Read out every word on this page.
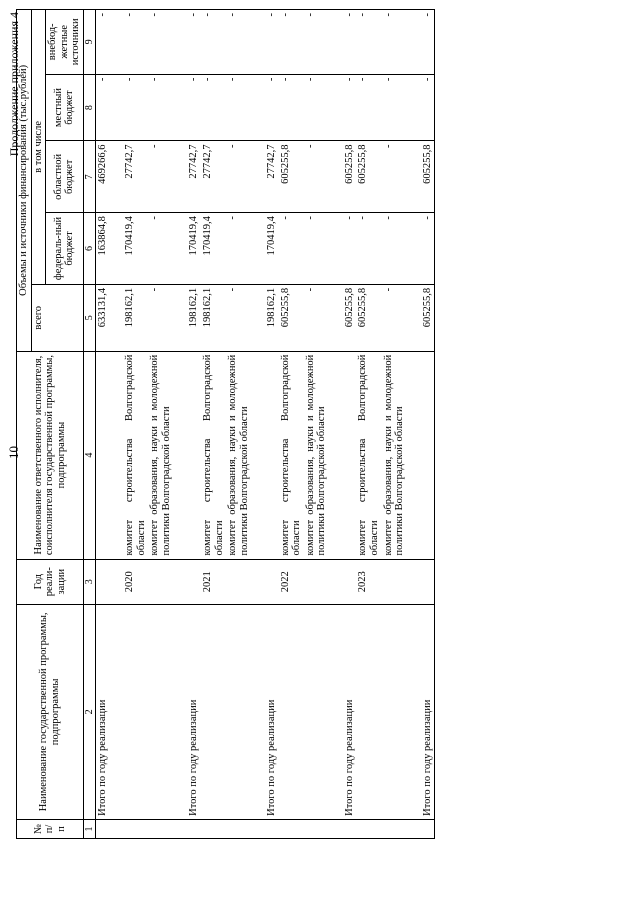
10
Продолжение приложения 4
№ п/п	Наименование государственной программы, подпрограммы	Год реали-зации	Наименование ответственного исполнителя, соисполнителя государственной программы, подпрограммы	Объемы и источники финансирования (тыс.рублей)				
				всего	в том числе			
					федераль-ный бюджет	областной бюджет	местный бюджет	внебюд-жетные источники
1	2	3	4	5	6	7	8	9
	Итого по году реализации			633131,4	163864,8	469266,6	-	-

		2020	комитет строительства Волгоградской области	198162,1	170419,4	27742,7	-	-
			комитет образования, науки и молодежной политики Волгоградской области	-	-	-	-	-

	Итого по году реализации			198162,1	170419,4	27742,7	-	-
		2021	комитет строительства Волгоградской области	198162,1	170419,4	27742,7	-	-
			комитет образования, науки и молодежной политики Волгоградской области	-	-	-	-	-

	Итого по году реализации			198162,1	170419,4	27742,7	-	-
		2022	комитет строительства Волгоградской области	605255,8	-	605255,8	-	-
			комитет образования, науки и молодежной политики Волгоградской области	-	-	-	-	-

	Итого по году реализации			605255,8	-	605255,8	-	-
		2023	комитет строительства Волгоградской области	605255,8	-	605255,8	-	-
			комитет образования, науки и молодежной политики Волгоградской области	-	-	-	-	-

	Итого по году реализации			605255,8	-	605255,8	-	-
